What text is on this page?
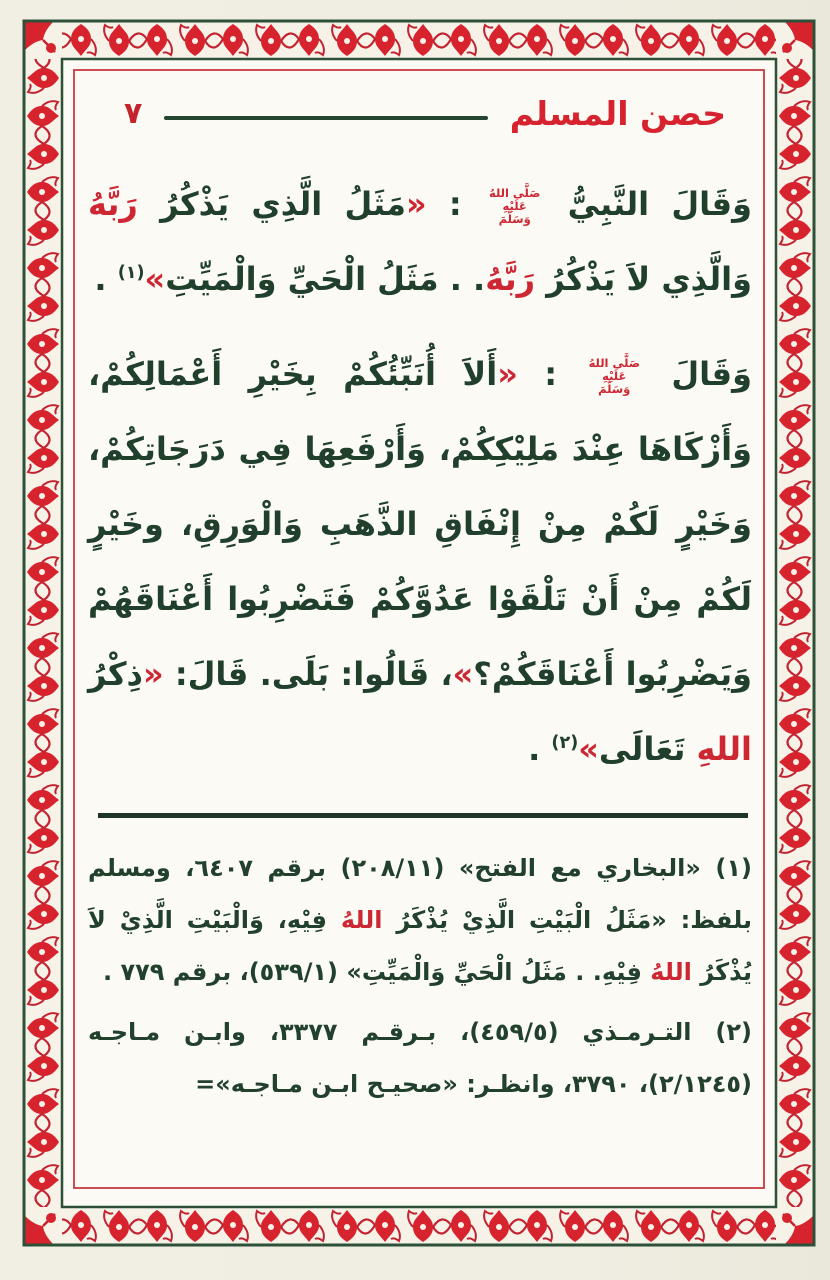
حصن المسلم
٧

وَقَالَ النَّبِيُّ
صَلَّى اللهُ
عَلَيْهِ
وَسَلَّمَ
: «مَثَلُ الَّذِي يَذْكُرُ رَبَّهُ وَالَّذِي لاَ يَذْكُرُ رَبَّهُ. . مَثَلُ الْحَيِّ وَالْمَيِّتِ»$^{(١)}$ .

وَقَالَ
صَلَّى اللهُ
عَلَيْهِ
وَسَلَّمَ
: «أَلاَ أُنَبِّئُكُمْ بِخَيْرِ أَعْمَالِكُمْ، وَأَزْكَاهَا عِنْدَ مَلِيْكِكُمْ، وَأَرْفَعِهَا فِي دَرَجَاتِكُمْ، وَخَيْرٍ لَكُمْ مِنْ إِنْفَاقِ الذَّهَبِ وَالْوَرِقِ، وخَيْرٍ لَكُمْ مِنْ أَنْ تَلْقَوْا عَدُوَّكُمْ فَتَضْرِبُوا أَعْنَاقَهُمْ وَيَضْرِبُوا أَعْنَاقَكُمْ؟»، قَالُوا: بَلَى. قَالَ: «ذِكْرُ اللهِ تَعَالَى»$^{(٢)}$ .

(١) «البخاري مع الفتح» (٢٠٨/١١) برقم ٦٤٠٧، ومسلم بلفظ: «مَثَلُ الْبَيْتِ الَّذِيْ يُذْكَرُ اللهُ فِيْهِ، وَالْبَيْتِ الَّذِيْ لاَ يُذْكَرُ اللهُ فِيْهِ. . مَثَلُ الْحَيِّ وَالْمَيِّتِ» (٥٣٩/١)، برقم ٧٧٩ .

(٢) التـرمـذي (٤٥٩/٥)، بـرقـم ٣٣٧٧، وابـن مـاجـه (٢/١٢٤٥)، ٣٧٩٠، وانظـر: «صحيـح ابـن مـاجـه»=
